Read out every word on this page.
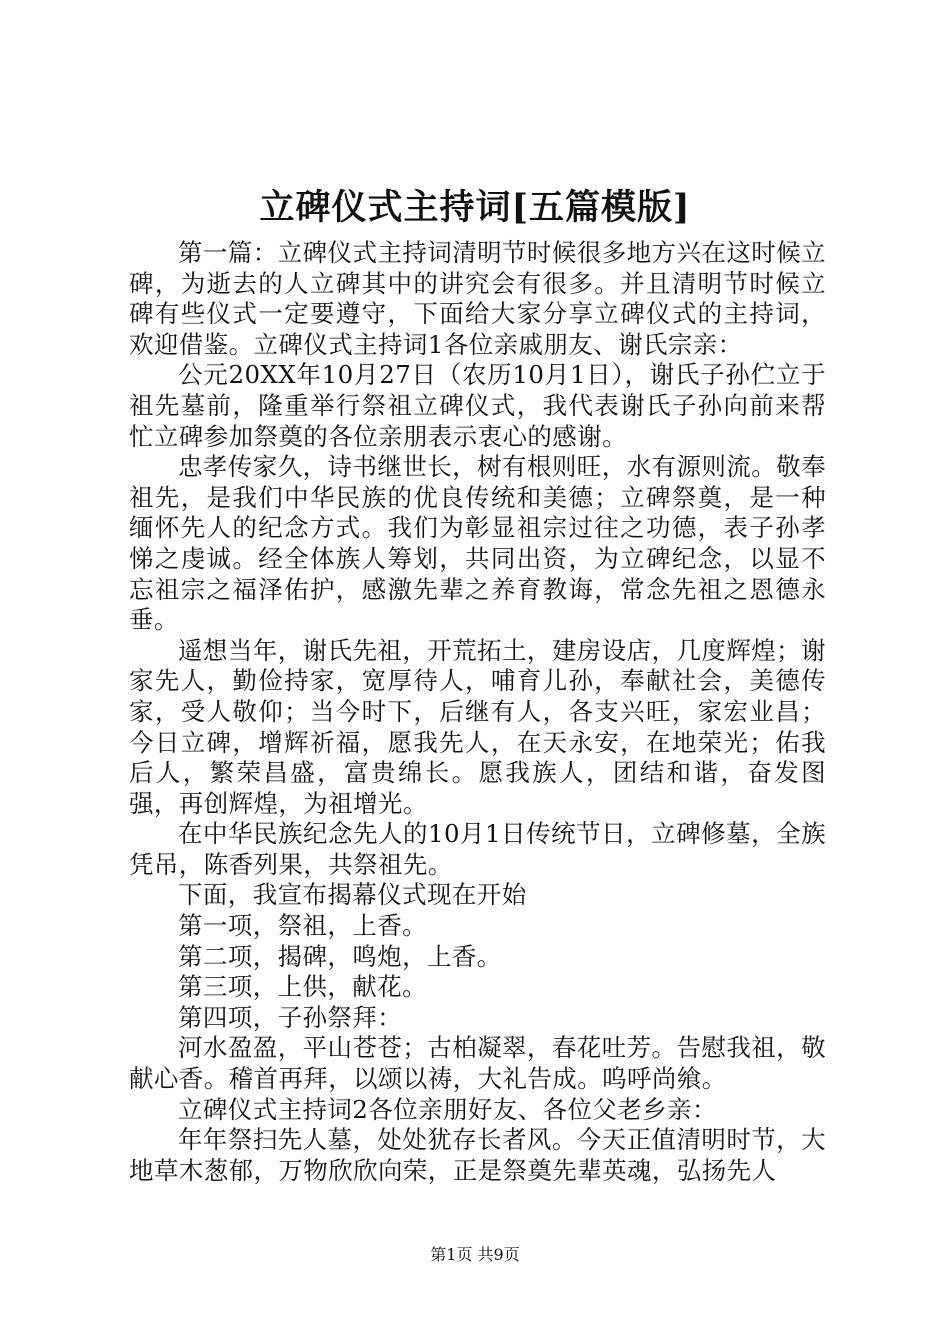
立碑仪式主持词[五篇模版]

第一篇：立碑仪式主持词清明节时候很多地方兴在这时候立碑，为逝去的人立碑其中的讲究会有很多。并且清明节时候立碑有些仪式一定要遵守，下面给大家分享立碑仪式的主持词，欢迎借鉴。立碑仪式主持词1各位亲戚朋友、谢氏宗亲：

公元20XX年10月27日（农历10月1日），谢氏子孙伫立于祖先墓前，隆重举行祭祖立碑仪式，我代表谢氏子孙向前来帮忙立碑参加祭奠的各位亲朋表示衷心的感谢。

忠孝传家久，诗书继世长，树有根则旺，水有源则流。敬奉祖先，是我们中华民族的优良传统和美德；立碑祭奠，是一种缅怀先人的纪念方式。我们为彰显祖宗过往之功德，表子孙孝悌之虔诚。经全体族人筹划，共同出资，为立碑纪念，以显不忘祖宗之福泽佑护，感激先辈之养育教诲，常念先祖之恩德永垂。

遥想当年，谢氏先祖，开荒拓土，建房设店，几度辉煌；谢家先人，勤俭持家，宽厚待人，哺育儿孙，奉献社会，美德传家，受人敬仰；当今时下，后继有人，各支兴旺，家宏业昌；今日立碑，增辉祈福，愿我先人，在天永安，在地荣光；佑我后人，繁荣昌盛，富贵绵长。愿我族人，团结和谐，奋发图强，再创辉煌，为祖增光。

在中华民族纪念先人的10月1日传统节日，立碑修墓，全族凭吊，陈香列果，共祭祖先。

下面，我宣布揭幕仪式现在开始

第一项，祭祖，上香。

第二项，揭碑，鸣炮，上香。

第三项，上供，献花。

第四项，子孙祭拜：

河水盈盈，平山苍苍；古柏凝翠，春花吐芳。告慰我祖，敬献心香。稽首再拜，以颂以祷，大礼告成。呜呼尚飨。

立碑仪式主持词2各位亲朋好友、各位父老乡亲：

年年祭扫先人墓，处处犹存长者风。今天正值清明时节，大地草木葱郁，万物欣欣向荣，正是祭奠先辈英魂，弘扬先人

第1页 共9页
